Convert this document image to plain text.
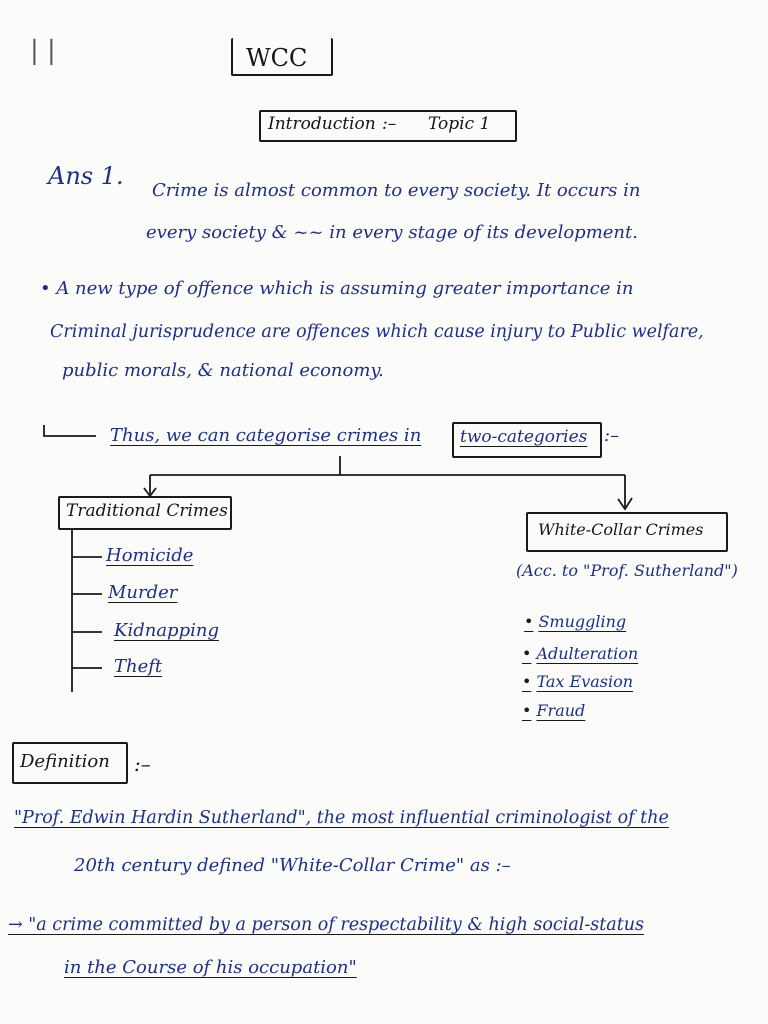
| |	WCC
Introduction :– Topic 1
Ans 1.
Crime is almost common to every society. It occurs in
every society & ~~ in every stage of its development.
• A new type of offence which is assuming greater importance in
Criminal jurisprudence are offences which cause injury to Public welfare,
public morals, & national economy.
Thus, we can categorise crimes in two-categories :–
Traditional Crimes
Homicide
Murder
Kidnapping
Theft
White-Collar Crimes
(Acc. to "Prof. Sutherland")
• Smuggling
• Adulteration
• Tax Evasion
• Fraud
Definition :–
"Prof. Edwin Hardin Sutherland", the most influential criminologist of the
20th century defined "White-Collar Crime" as :–
→ "a crime committed by a person of respectability & high social-status
in the Course of his occupation"
